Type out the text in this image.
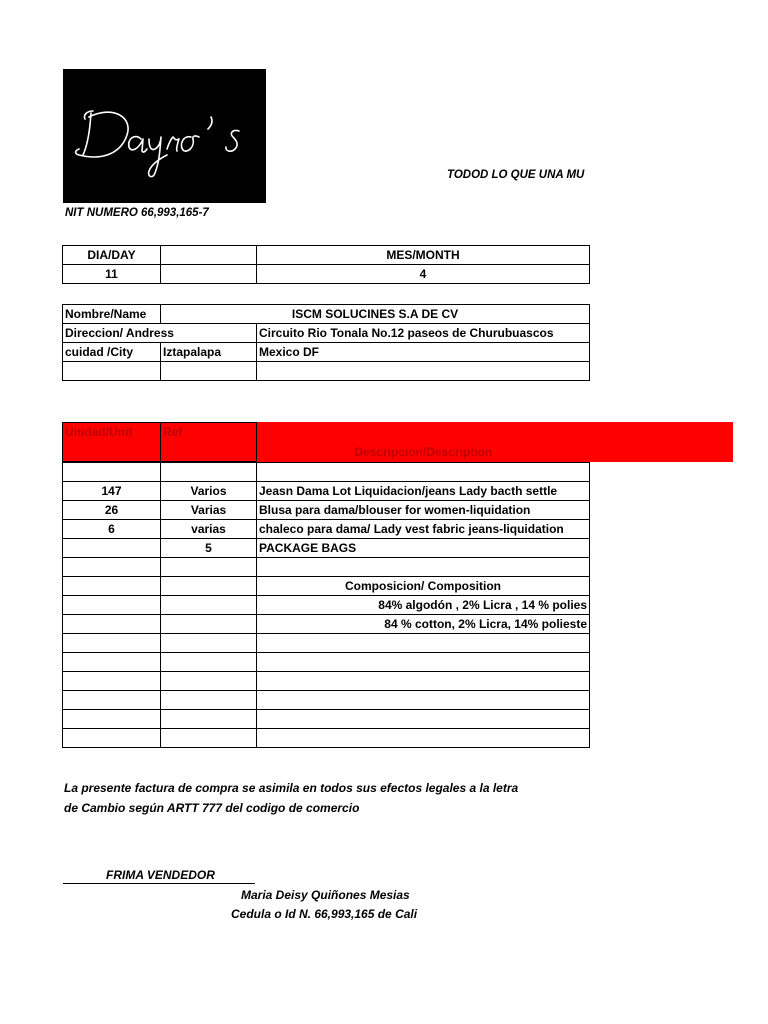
TODOD LO QUE UNA MU
NIT NUMERO 66,993,165-7
DIA/DAY		MES/MONTH
11		4
Nombre/Name	ISCM SOLUCINES S.A DE CV	
Direccion/ Andress		Circuito Rio Tonala No.12 paseos de Churubuascos
cuidad /City	Iztapalapa	Mexico DF

Unidad/Unit	Ref	Descripcion/Description

147	Varios	Jeasn Dama Lot Liquidacion/jeans Lady bacth settle
26	Varias	Blusa para dama/blouser for women-liquidation
6	varias	chaleco para dama/ Lady vest fabric jeans-liquidation
	5	PACKAGE BAGS

		Composicion/ Composition
		84% algodón , 2% Licra , 14 % polies
		84 % cotton, 2% Licra, 14% polieste

La presente factura de compra se asimila en todos sus efectos legales a la letra
de Cambio según ARTT 777 del codigo de comercio
FRIMA VENDEDOR
Maria Deisy Quiñones Mesias
Cedula o Id N. 66,993,165 de Cali
